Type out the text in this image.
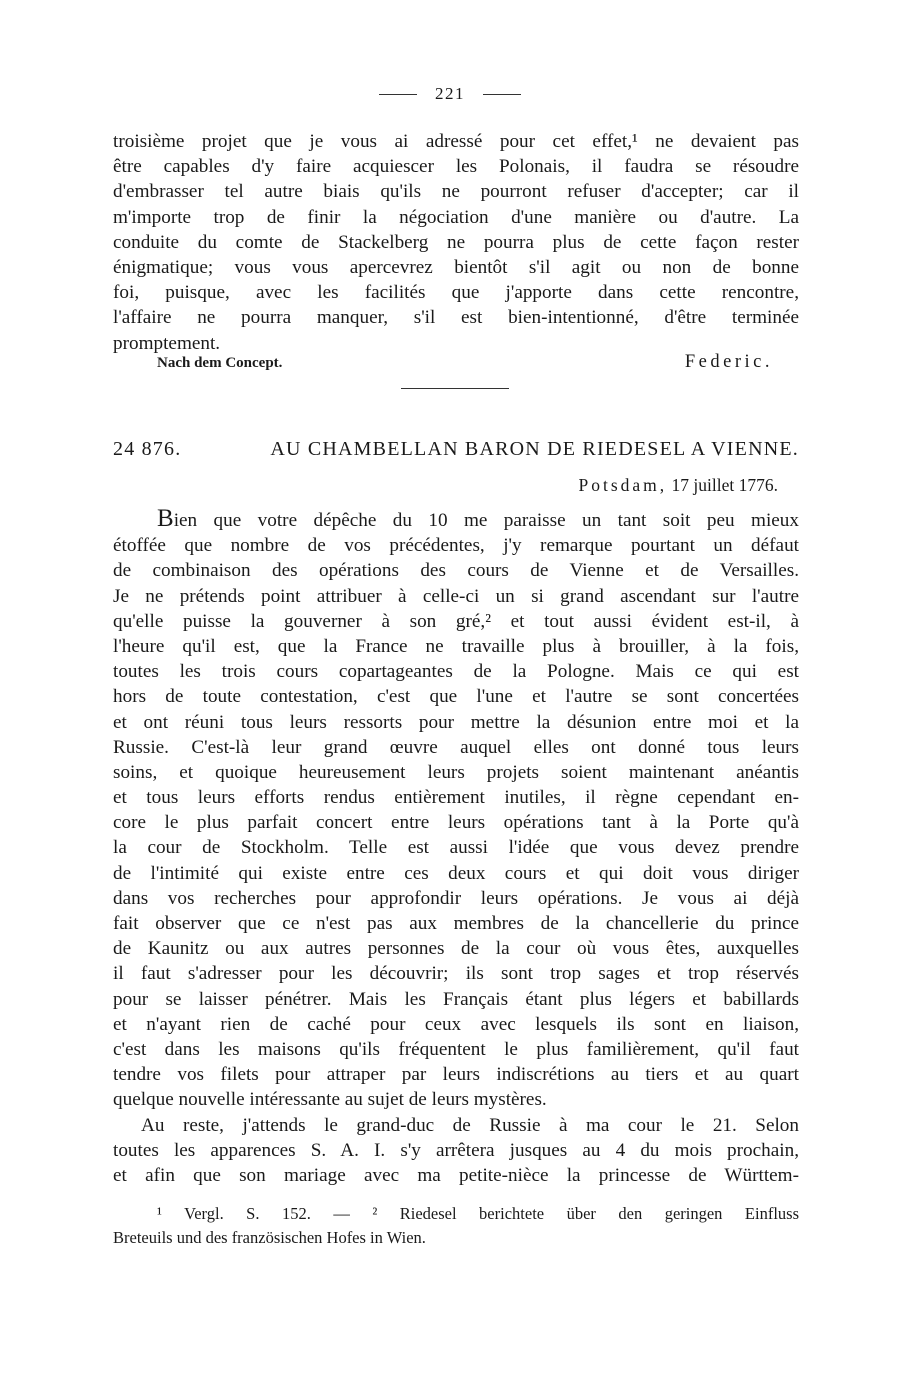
221
troisième projet que je vous ai adressé pour cet effet,¹ ne devaient pas
être capables d'y faire acquiescer les Polonais, il faudra se résoudre
d'embrasser tel autre biais qu'ils ne pourront refuser d'accepter; car il
m'importe trop de finir la négociation d'une manière ou d'autre. La
conduite du comte de Stackelberg ne pourra plus de cette façon rester
énigmatique; vous vous apercevrez bientôt s'il agit ou non de bonne
foi, puisque, avec les facilités que j'apporte dans cette rencontre,
l'affaire ne pourra manquer, s'il est bien-intentionné, d'être terminée
promptement.
Nach dem Concept.	Federic.
24 876.	AU CHAMBELLAN BARON DE RIEDESEL A VIENNE.
Potsdam, 17 juillet 1776.
Bien que votre dépêche du 10 me paraisse un tant soit peu mieux
étoffée que nombre de vos précédentes, j'y remarque pourtant un défaut
de combinaison des opérations des cours de Vienne et de Versailles.
Je ne prétends point attribuer à celle-ci un si grand ascendant sur l'autre
qu'elle puisse la gouverner à son gré,² et tout aussi évident est-il, à
l'heure qu'il est, que la France ne travaille plus à brouiller, à la fois,
toutes les trois cours copartageantes de la Pologne. Mais ce qui est
hors de toute contestation, c'est que l'une et l'autre se sont concertées
et ont réuni tous leurs ressorts pour mettre la désunion entre moi et la
Russie. C'est-là leur grand œuvre auquel elles ont donné tous leurs
soins, et quoique heureusement leurs projets soient maintenant anéantis
et tous leurs efforts rendus entièrement inutiles, il règne cependant en-
core le plus parfait concert entre leurs opérations tant à la Porte qu'à
la cour de Stockholm. Telle est aussi l'idée que vous devez prendre
de l'intimité qui existe entre ces deux cours et qui doit vous diriger
dans vos recherches pour approfondir leurs opérations. Je vous ai déjà
fait observer que ce n'est pas aux membres de la chancellerie du prince
de Kaunitz ou aux autres personnes de la cour où vous êtes, auxquelles
il faut s'adresser pour les découvrir; ils sont trop sages et trop réservés
pour se laisser pénétrer. Mais les Français étant plus légers et babillards
et n'ayant rien de caché pour ceux avec lesquels ils sont en liaison,
c'est dans les maisons qu'ils fréquentent le plus familièrement, qu'il faut
tendre vos filets pour attraper par leurs indiscrétions au tiers et au quart
quelque nouvelle intéressante au sujet de leurs mystères.
Au reste, j'attends le grand-duc de Russie à ma cour le 21. Selon
toutes les apparences S. A. I. s'y arrêtera jusques au 4 du mois prochain,
et afin que son mariage avec ma petite-nièce la princesse de Württem-
¹ Vergl. S. 152. — ² Riedesel berichtete über den geringen Einfluss
Breteuils und des französischen Hofes in Wien.
